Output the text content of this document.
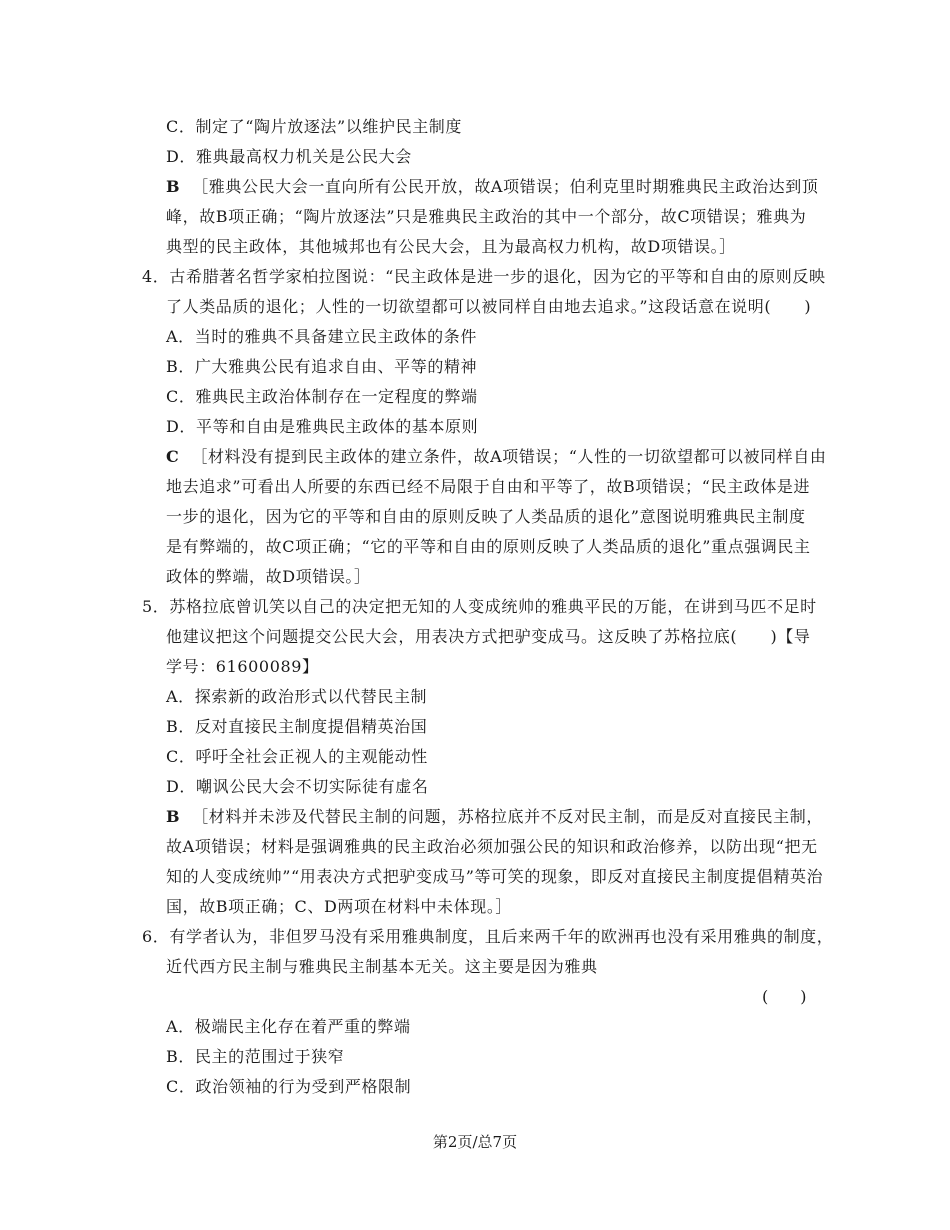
C．制定了“陶片放逐法”以维护民主制度
D．雅典最高权力机关是公民大会
B ［雅典公民大会一直向所有公民开放，故A项错误；伯利克里时期雅典民主政治达到顶
峰，故B项正确；“陶片放逐法”只是雅典民主政治的其中一个部分，故C项错误；雅典为
典型的民主政体，其他城邦也有公民大会，且为最高权力机构，故D项错误。］
4．古希腊著名哲学家柏拉图说：“民主政体是进一步的退化，因为它的平等和自由的原则反映
了人类品质的退化；人性的一切欲望都可以被同样自由地去追求。”这段话意在说明(　　)
A．当时的雅典不具备建立民主政体的条件
B．广大雅典公民有追求自由、平等的精神
C．雅典民主政治体制存在一定程度的弊端
D．平等和自由是雅典民主政体的基本原则
C ［材料没有提到民主政体的建立条件，故A项错误；“人性的一切欲望都可以被同样自由
地去追求”可看出人所要的东西已经不局限于自由和平等了，故B项错误；“民主政体是进
一步的退化，因为它的平等和自由的原则反映了人类品质的退化”意图说明雅典民主制度
是有弊端的，故C项正确；“它的平等和自由的原则反映了人类品质的退化”重点强调民主
政体的弊端，故D项错误。］
5．苏格拉底曾讥笑以自己的决定把无知的人变成统帅的雅典平民的万能，在讲到马匹不足时
他建议把这个问题提交公民大会，用表决方式把驴变成马。这反映了苏格拉底(　　)【导
学号：61600089】
A．探索新的政治形式以代替民主制
B．反对直接民主制度提倡精英治国
C．呼吁全社会正视人的主观能动性
D．嘲讽公民大会不切实际徒有虚名
B ［材料并未涉及代替民主制的问题，苏格拉底并不反对民主制，而是反对直接民主制，
故A项错误；材料是强调雅典的民主政治必须加强公民的知识和政治修养，以防出现“把无
知的人变成统帅”“用表决方式把驴变成马”等可笑的现象，即反对直接民主制度提倡精英治
国，故B项正确；C、D两项在材料中未体现。］
6．有学者认为，非但罗马没有采用雅典制度，且后来两千年的欧洲再也没有采用雅典的制度，
近代西方民主制与雅典民主制基本无关。这主要是因为雅典
(　　)
A．极端民主化存在着严重的弊端
B．民主的范围过于狭窄
C．政治领袖的行为受到严格限制
第2页/总7页
